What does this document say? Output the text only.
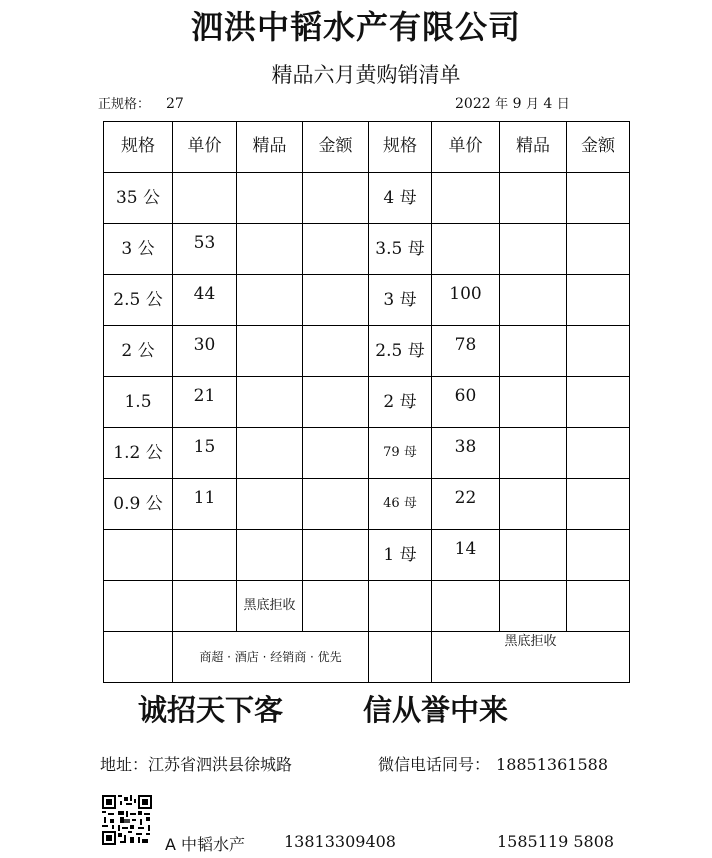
泗洪中韬水产有限公司
精品六月黄购销清单
正规格： 27	2022 年 9 月 4 日
规格	单价	精品	金额	规格	单价	精品	金额
35 公				4 母			
3 公	53			3.5 母			
2.5 公	44			3 母	100		
2 公	30			2.5 母	78		
1.5	21			2 母	60		
1.2 公	15			79 母	38		
0.9 公	11			46 母	22		
				1 母	14		
		黑底拒收					
	商超 · 酒店 · 经销商 · 优先				黑底拒收		
诚招天下客	信从誉中来
地址：江苏省泗洪县徐城路	微信电话同号： 18851361588
A 中韬水产 13813309408	1585119 5808
